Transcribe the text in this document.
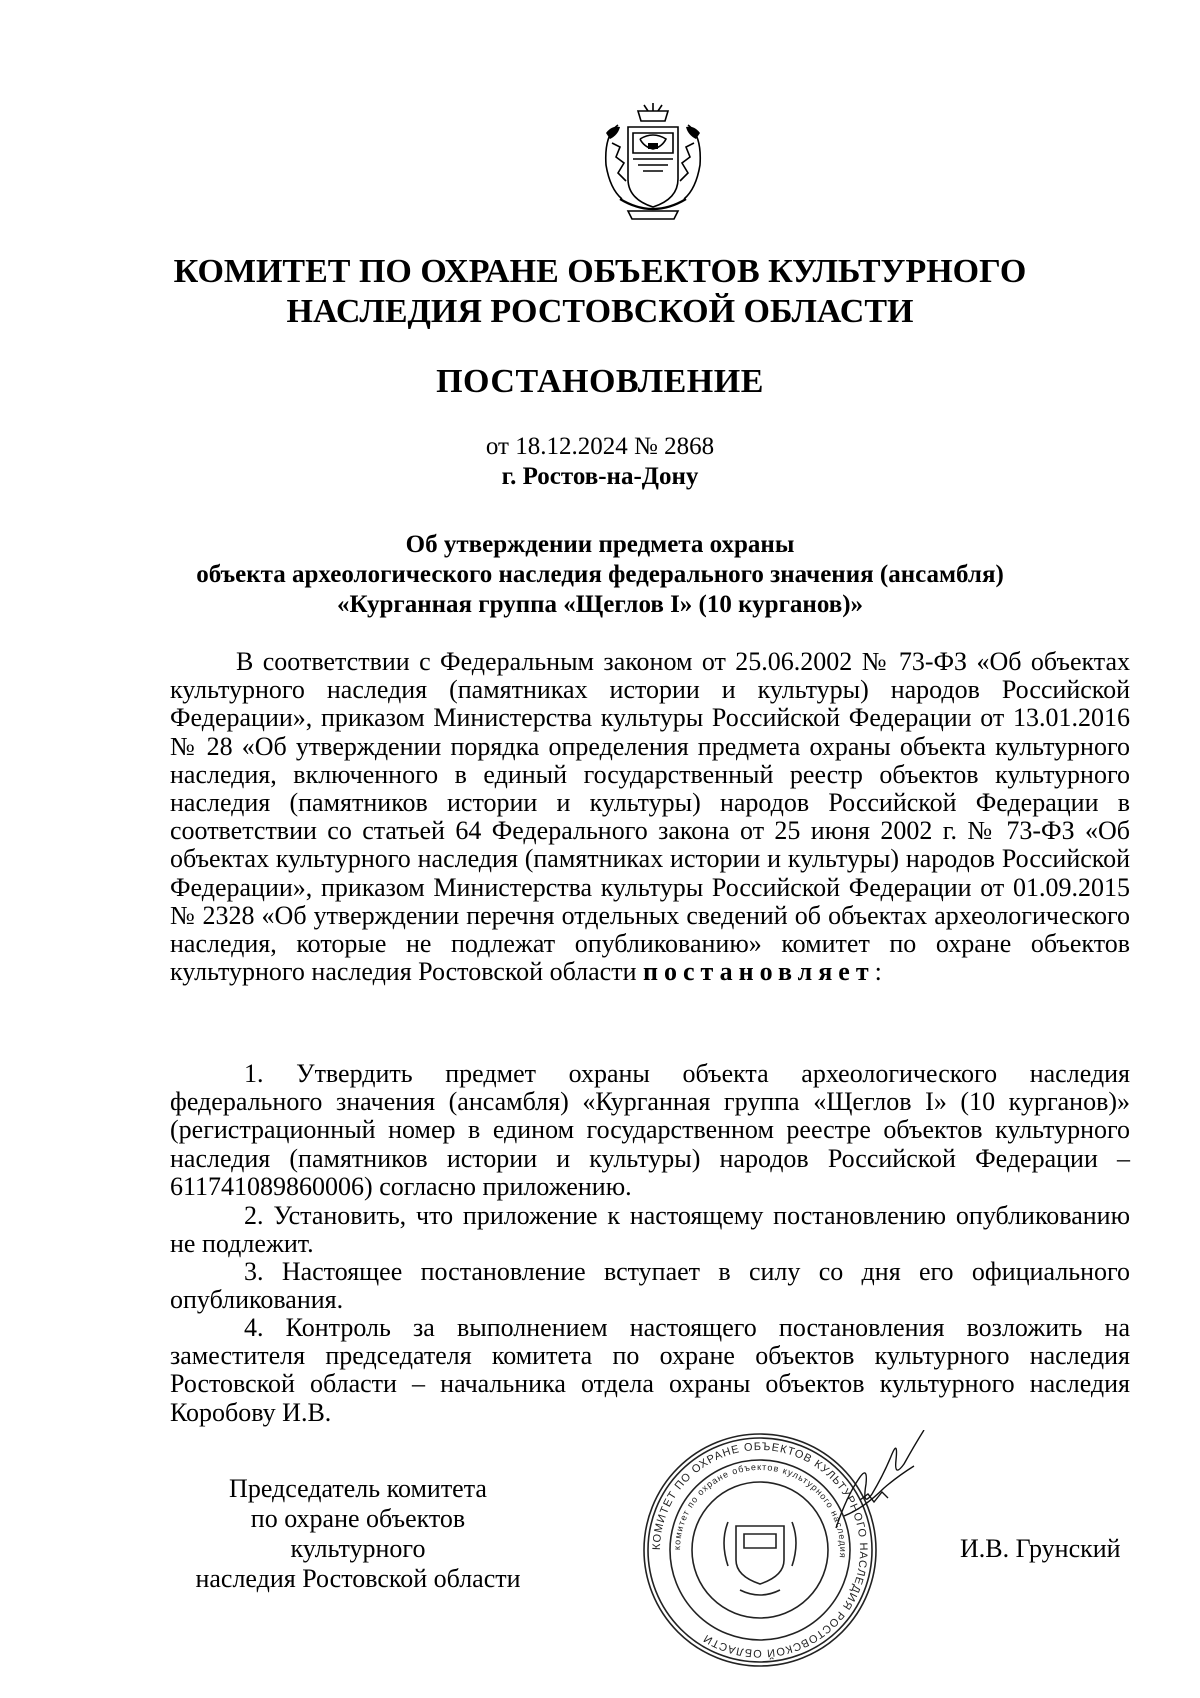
КОМИТЕТ ПО ОХРАНЕ ОБЪЕКТОВ КУЛЬТУРНОГО
НАСЛЕДИЯ РОСТОВСКОЙ ОБЛАСТИ
ПОСТАНОВЛЕНИЕ
от 18.12.2024 № 2868
г. Ростов-на-Дону
Об утверждении предмета охраны
объекта археологического наследия федерального значения (ансамбля)
«Курганная группа «Щеглов I» (10 курганов)»
В соответствии с Федеральным законом от 25.06.2002 № 73-ФЗ «Об объектах культурного наследия (памятниках истории и культуры) народов Российской Федерации», приказом Министерства культуры Российской Федерации от 13.01.2016 № 28 «Об утверждении порядка определения предмета охраны объекта культурного наследия, включенного в единый государственный реестр объектов культурного наследия (памятников истории и культуры) народов Российской Федерации в соответствии со статьей 64 Федерального закона от 25 июня 2002 г. № 73-ФЗ «Об объектах культурного наследия (памятниках истории и культуры) народов Российской Федерации», приказом Министерства культуры Российской Федерации от 01.09.2015 № 2328 «Об утверждении перечня отдельных сведений об объектах археологического наследия, которые не подлежат опубликованию» комитет по охране объектов культурного наследия Ростовской области постановляет:
1. Утвердить предмет охраны объекта археологического наследия федерального значения (ансамбля) «Курганная группа «Щеглов I» (10 курганов)» (регистрационный номер в едином государственном реестре объектов культурного наследия (памятников истории и культуры) народов Российской Федерации – 611741089860006) согласно приложению.
2. Установить, что приложение к настоящему постановлению опубликованию не подлежит.
3. Настоящее постановление вступает в силу со дня его официального опубликования.
4. Контроль за выполнением настоящего постановления возложить на заместителя председателя комитета по охране объектов культурного наследия Ростовской области – начальника отдела охраны объектов культурного наследия Коробову И.В.
Председатель комитета
по охране объектов культурного
наследия Ростовской области
КОМИТЕТ ПО ОХРАНЕ ОБЪЕКТОВ КУЛЬТУРНОГО НАСЛЕДИЯ РОСТОВСКОЙ ОБЛАСТИ
комитет по охране объектов культурного наследия	И.В. Грунский
